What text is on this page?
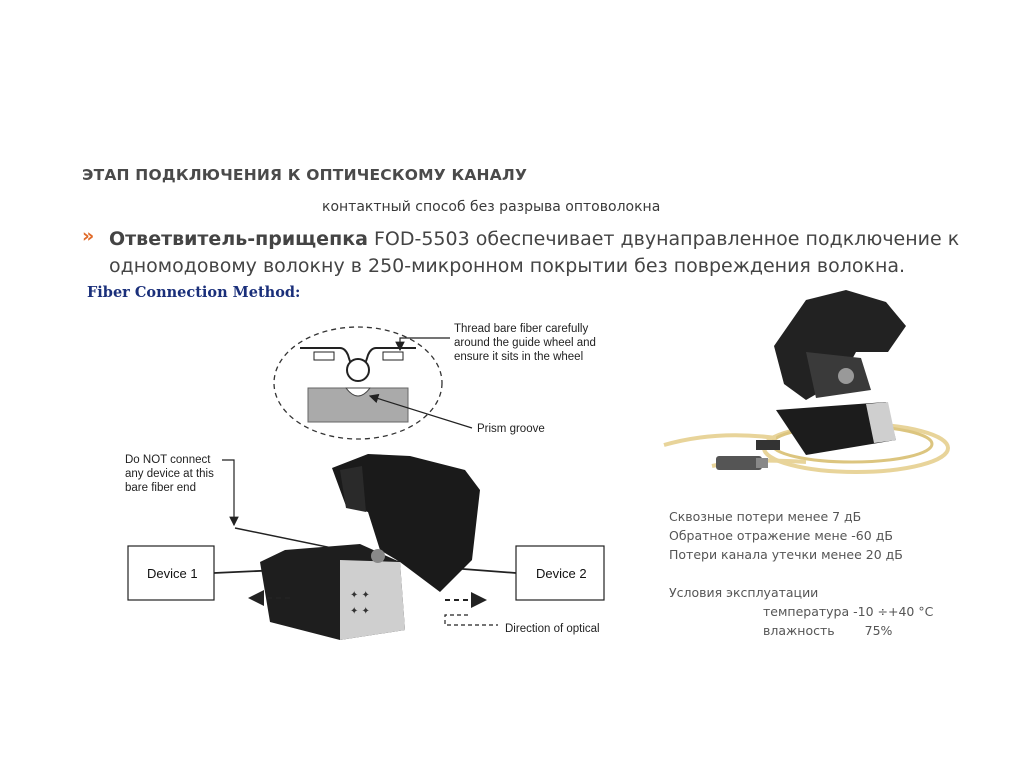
ЭТАП ПОДКЛЮЧЕНИЯ К ОПТИЧЕСКОМУ КАНАЛУ
контактный способ без разрыва оптоволокна
» Ответвитель-прищепка FOD-5503 обеспечивает двунаправленное подключение к одномодовому волокну в 250-микронном покрытии без повреждения волокна.
Fiber Connection Method:
Thread bare fiber carefully
around the guide wheel and
ensure it sits in the wheel
Prism groove
Do NOT connect
any device at this
bare fiber end
Device 1	Device 2
✦ ✦
✦ ✦
Direction of optical
Сквозные потери менее 7 дБ
Обратное отражение мене -60 дБ
Потери канала утечки менее 20 дБ

Условия эксплуатации
температура -10 ÷+40 °С
влажность 75%
